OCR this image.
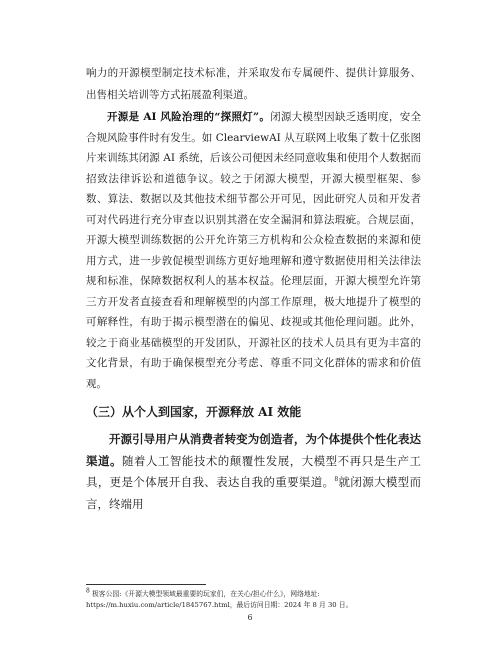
响力的开源模型制定技术标准，并采取发布专属硬件、提供计算服务、出售相关培训等方式拓展盈利渠道。

开源是 AI 风险治理的“探照灯”。闭源大模型因缺乏透明度，安全合规风险事件时有发生。如 ClearviewAI 从互联网上收集了数十亿张图片来训练其闭源 AI 系统，后该公司便因未经同意收集和使用个人数据而招致法律诉讼和道德争议。较之于闭源大模型，开源大模型框架、参数、算法、数据以及其他技术细节都公开可见，因此研究人员和开发者可对代码进行充分审查以识别其潜在安全漏洞和算法瑕疵。合规层面，开源大模型训练数据的公开允许第三方机构和公众检查数据的来源和使用方式，进一步敦促模型训练方更好地理解和遵守数据使用相关法律法规和标准，保障数据权利人的基本权益。伦理层面，开源大模型允许第三方开发者直接查看和理解模型的内部工作原理，极大地提升了模型的可解释性，有助于揭示模型潜在的偏见、歧视或其他伦理问题。此外，较之于商业基础模型的开发团队，开源社区的技术人员具有更为丰富的文化背景，有助于确保模型充分考虑、尊重不同文化群体的需求和价值观。

（三）从个人到国家，开源释放 AI 效能

开源引导用户从消费者转变为创造者，为个体提供个性化表达渠道。随着人工智能技术的颠覆性发展，大模型不再只是生产工具，更是个体展开自我、表达自我的重要渠道。$^8$就闭源大模型而言，终端用

$^8$ 极客公园:《开源大模型领域最重要的玩家们，在关心/担心什么》，网络地址:
https://m.huxiu.com/article/1845767.html，最后访问日期：2024 年 8 月 30 日。
6
